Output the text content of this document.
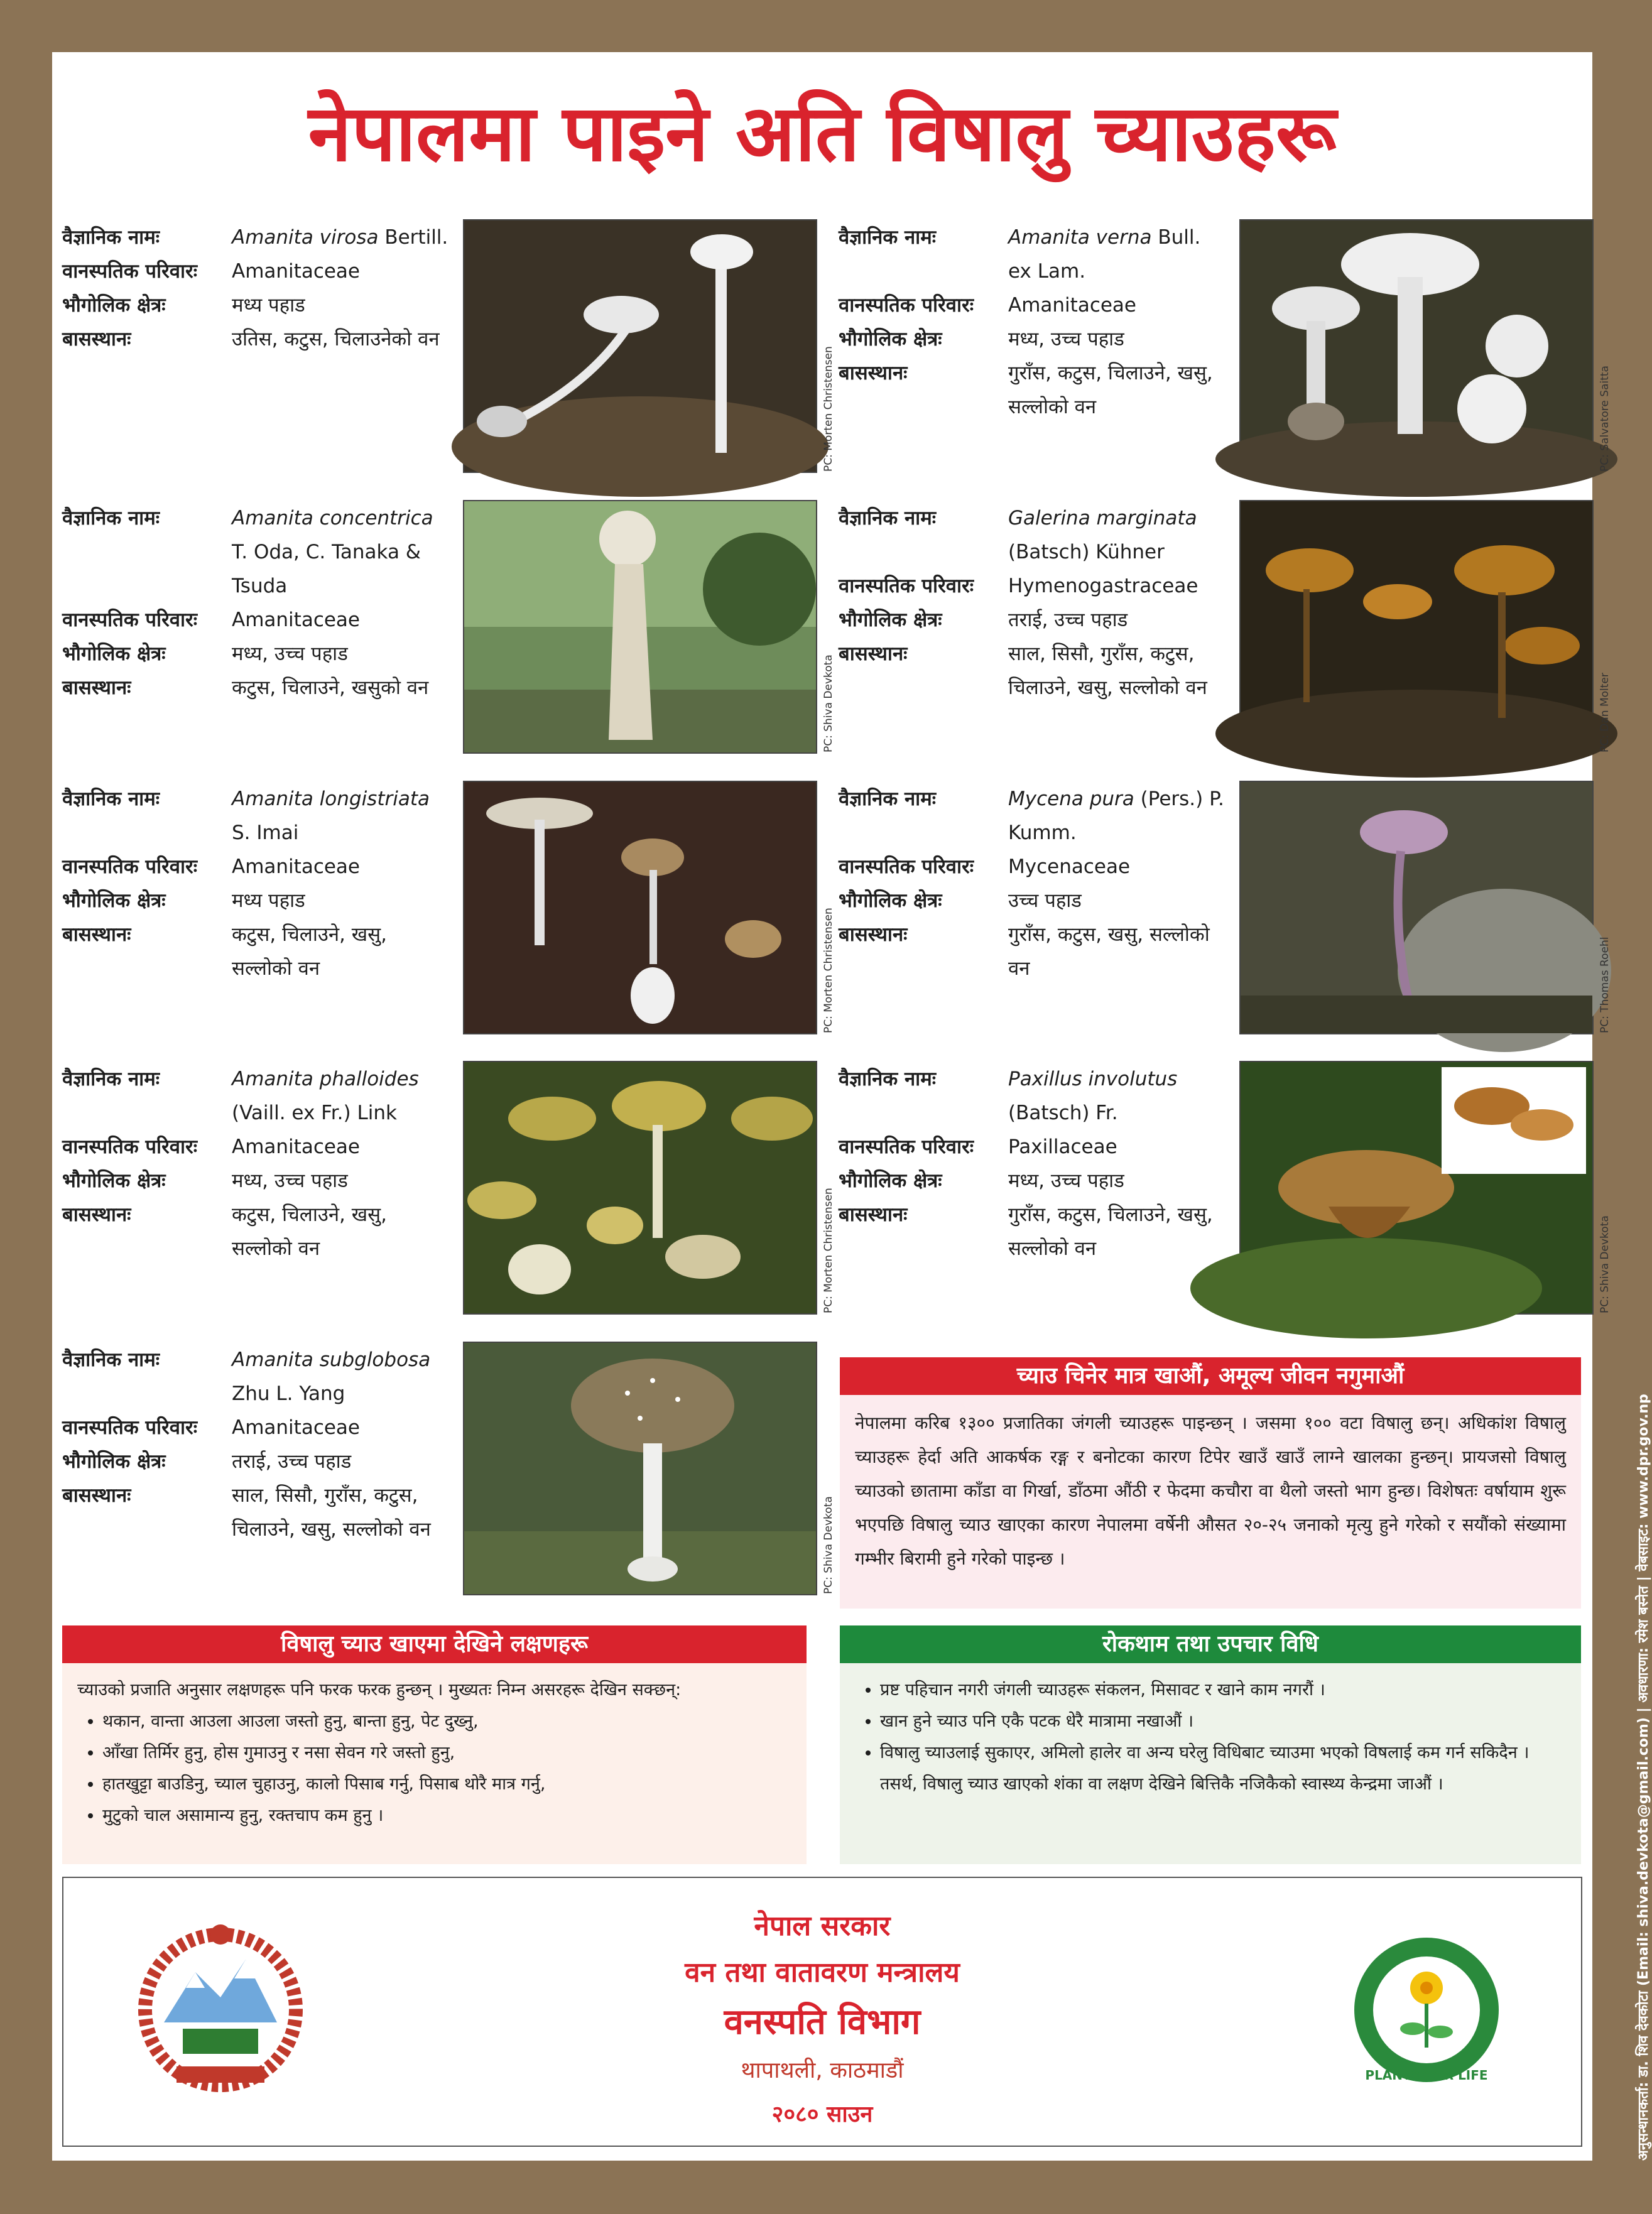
नेपालमा पाइने अति विषालु च्याउहरू
वैज्ञानिक नामः	Amanita virosa Bertill.
वानस्पतिक परिवारः	Amanitaceae
भौगोलिक क्षेत्रः	मध्य पहाड
बासस्थानः	उतिस, कटुस, चिलाउनेको वन
PC: Morten Christensen
वैज्ञानिक नामः	Amanita verna Bull. ex Lam.
वानस्पतिक परिवारः	Amanitaceae
भौगोलिक क्षेत्रः	मध्य, उच्च पहाड
बासस्थानः	गुराँस, कटुस, चिलाउने, खसु, सल्लोको वन	PC: Salvatore Saitta
वैज्ञानिक नामः	Amanita concentrica T. Oda, C. Tanaka & Tsuda
वानस्पतिक परिवारः	Amanitaceae
भौगोलिक क्षेत्रः	मध्य, उच्च पहाड
बासस्थानः	कटुस, चिलाउने, खसुको वन	PC: Shiva Devkota
वैज्ञानिक नामः	Galerina marginata (Batsch) Kühner
वानस्पतिक परिवारः	Hymenogastraceae
भौगोलिक क्षेत्रः	तराई, उच्च पहाड
बासस्थानः	साल, सिसौ, गुराँस, कटुस, चिलाउने, खसु, सल्लोको वन	PC: Dan Molter
वैज्ञानिक नामः	Amanita longistriata S. Imai
वानस्पतिक परिवारः	Amanitaceae
भौगोलिक क्षेत्रः	मध्य पहाड
बासस्थानः	कटुस, चिलाउने, खसु, सल्लोको वन	PC: Morten Christensen
वैज्ञानिक नामः	Mycena pura (Pers.) P. Kumm.
वानस्पतिक परिवारः	Mycenaceae
भौगोलिक क्षेत्रः	उच्च पहाड
बासस्थानः	गुराँस, कटुस, खसु, सल्लोको वन	PC: Thomas Roehl
वैज्ञानिक नामः	Amanita phalloides (Vaill. ex Fr.) Link
वानस्पतिक परिवारः	Amanitaceae
भौगोलिक क्षेत्रः	मध्य, उच्च पहाड
बासस्थानः	कटुस, चिलाउने, खसु, सल्लोको वन	PC: Morten Christensen
वैज्ञानिक नामः	Paxillus involutus (Batsch) Fr.
वानस्पतिक परिवारः	Paxillaceae
भौगोलिक क्षेत्रः	मध्य, उच्च पहाड
बासस्थानः	गुराँस, कटुस, चिलाउने, खसु, सल्लोको वन	PC: Shiva Devkota
वैज्ञानिक नामः	Amanita subglobosa Zhu L. Yang
वानस्पतिक परिवारः	Amanitaceae
भौगोलिक क्षेत्रः	तराई, उच्च पहाड
बासस्थानः	साल, सिसौ, गुराँस, कटुस, चिलाउने, खसु, सल्लोको वन	PC: Shiva Devkota
च्याउ चिनेर मात्र खाऔं, अमूल्य जीवन नगुमाऔं
नेपालमा करिब १३०० प्रजातिका जंगली च्याउहरू पाइन्छन् । जसमा १०० वटा विषालु छन्। अधिकांश विषालु च्याउहरू हेर्दा अति आकर्षक रङ्ग र बनोटका कारण टिपेर खाउँ खाउँ लाग्ने खालका हुन्छन्। प्रायजसो विषालु च्याउको छातामा काँडा वा गिर्खा, डाँठमा औंठी र फेदमा कचौरा वा थैलो जस्तो भाग हुन्छ। विशेषतः वर्षायाम शुरू भएपछि विषालु च्याउ खाएका कारण नेपालमा वर्षेनी औसत २०-२५ जनाको मृत्यु हुने गरेको र सयौंको संख्यामा गम्भीर बिरामी हुने गरेको पाइन्छ ।
विषालु च्याउ खाएमा देखिने लक्षणहरू
च्याउको प्रजाति अनुसार लक्षणहरू पनि फरक फरक हुन्छन् । मुख्यतः निम्न असरहरू देखिन सक्छन्:
• थकान, वान्ता आउला आउला जस्तो हुनु, बान्ता हुनु, पेट दुख्नु,
• आँखा तिर्मिर हुनु, होस गुमाउनु र नसा सेवन गरे जस्तो हुनु,
• हातखुट्टा बाउडिनु, च्याल चुहाउनु, कालो पिसाब गर्नु, पिसाब थोरै मात्र गर्नु,
• मुटुको चाल असामान्य हुनु, रक्तचाप कम हुनु ।
रोकथाम तथा उपचार विधि
• प्रष्ट पहिचान नगरी जंगली च्याउहरू संकलन, मिसावट र खाने काम नगरौं ।
• खान हुने च्याउ पनि एकै पटक धेरै मात्रामा नखाऔं ।
• विषालु च्याउलाई सुकाएर, अमिलो हालेर वा अन्य घरेलु विधिबाट च्याउमा भएको विषलाई कम गर्न सकिदैन । तसर्थ, विषालु च्याउ खाएको शंका वा लक्षण देखिने बित्तिकै नजिकैको स्वास्थ्य केन्द्रमा जाऔं ।
नेपाल सरकार
वन तथा वातावरण मन्त्रालय
वनस्पति विभाग
थापाथली, काठमाडौं
२०८० साउन
PLANTS FOR LIFE	अनुसन्धानकर्ता: डा. शिव देवकोटा (Email: shiva.devkota@gmail.com) | अवधारणा: रमेश बस्नेत | वेबसाइट: www.dpr.gov.np
